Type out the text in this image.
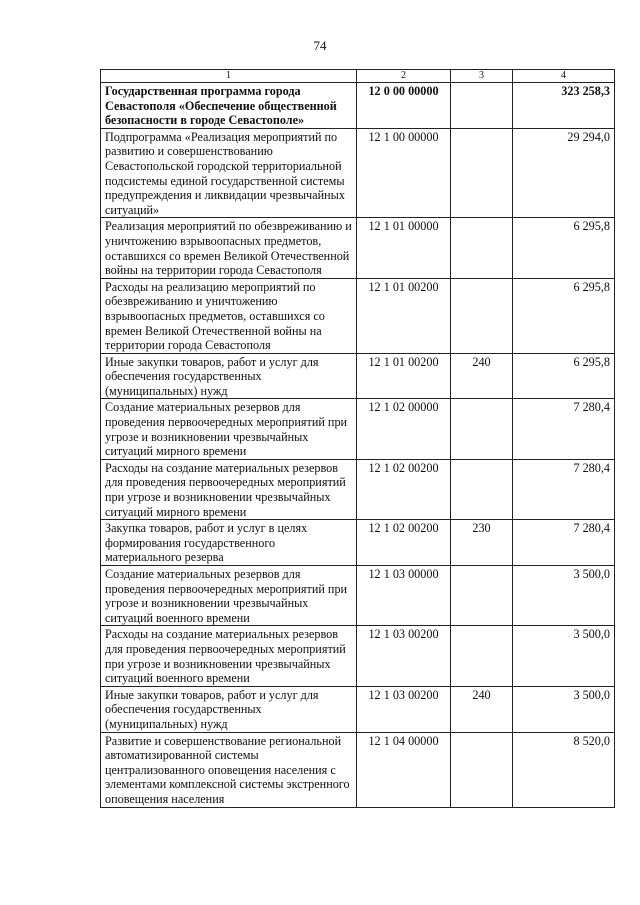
74
1	2	3	4
Государственная программа города Севастополя «Обеспечение общественной безопасности в городе Севастополе»	12 0 00 00000		323 258,3
Подпрограмма «Реализация мероприятий по развитию и совершенствованию Севастопольской городской территориальной подсистемы единой государственной системы предупреждения и ликвидации чрезвычайных ситуаций»	12 1 00 00000		29 294,0
Реализация мероприятий по обезвреживанию и уничтожению взрывоопасных предметов, оставшихся со времен Великой Отечественной войны на территории города Севастополя	12 1 01 00000		6 295,8
Расходы на реализацию мероприятий по обезвреживанию и уничтожению взрывоопасных предметов, оставшихся со времен Великой Отечественной войны на территории города Севастополя	12 1 01 00200		6 295,8
Иные закупки товаров, работ и услуг для обеспечения государственных (муниципальных) нужд	12 1 01 00200	240	6 295,8
Создание материальных резервов для проведения первоочередных мероприятий при угрозе и возникновении чрезвычайных ситуаций мирного времени	12 1 02 00000		7 280,4
Расходы на создание материальных резервов для проведения первоочередных мероприятий при угрозе и возникновении чрезвычайных ситуаций мирного времени	12 1 02 00200		7 280,4
Закупка товаров, работ и услуг в целях формирования государственного материального резерва	12 1 02 00200	230	7 280,4
Создание материальных резервов для проведения первоочередных мероприятий при угрозе и возникновении чрезвычайных ситуаций военного времени	12 1 03 00000		3 500,0
Расходы на создание материальных резервов для проведения первоочередных мероприятий при угрозе и возникновении чрезвычайных ситуаций военного времени	12 1 03 00200		3 500,0
Иные закупки товаров, работ и услуг для обеспечения государственных (муниципальных) нужд	12 1 03 00200	240	3 500,0
Развитие и совершенствование региональной автоматизированной системы централизованного оповещения населения с элементами комплексной системы экстренного оповещения населения	12 1 04 00000		8 520,0
